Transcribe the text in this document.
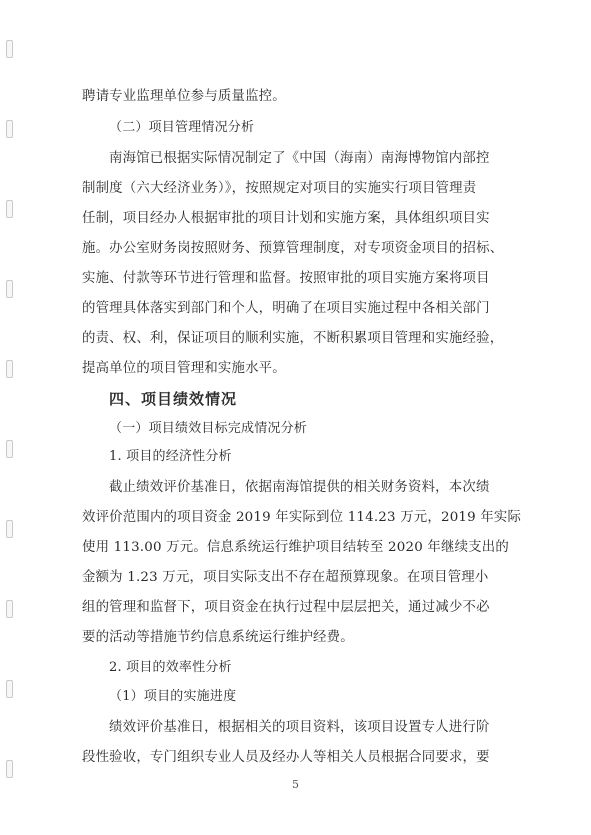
聘请专业监理单位参与质量监控。
（二）项目管理情况分析
南海馆已根据实际情况制定了《中国（海南）南海博物馆内部控
制制度（六大经济业务）》，按照规定对项目的实施实行项目管理责
任制，项目经办人根据审批的项目计划和实施方案，具体组织项目实
施。办公室财务岗按照财务、预算管理制度，对专项资金项目的招标、
实施、付款等环节进行管理和监督。按照审批的项目实施方案将项目
的管理具体落实到部门和个人，明确了在项目实施过程中各相关部门
的责、权、利，保证项目的顺利实施，不断积累项目管理和实施经验，
提高单位的项目管理和实施水平。
四、项目绩效情况
（一）项目绩效目标完成情况分析
1. 项目的经济性分析
截止绩效评价基准日，依据南海馆提供的相关财务资料，本次绩
效评价范围内的项目资金 2019 年实际到位 114.23 万元，2019 年实际
使用 113.00 万元。信息系统运行维护项目结转至 2020 年继续支出的
金额为 1.23 万元，项目实际支出不存在超预算现象。在项目管理小
组的管理和监督下，项目资金在执行过程中层层把关，通过减少不必
要的活动等措施节约信息系统运行维护经费。
2. 项目的效率性分析
（1）项目的实施进度
绩效评价基准日，根据相关的项目资料，该项目设置专人进行阶
段性验收，专门组织专业人员及经办人等相关人员根据合同要求，要
5
